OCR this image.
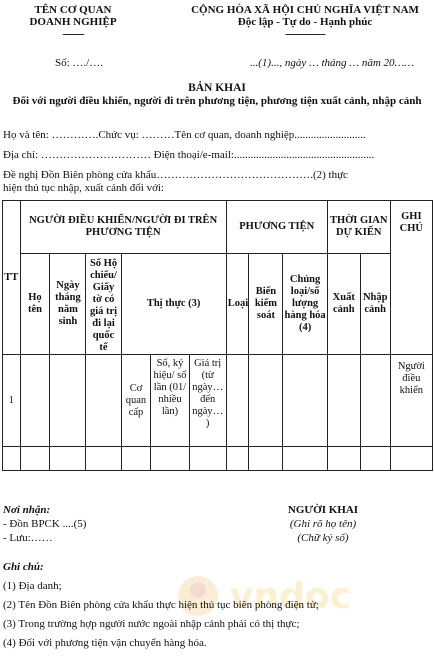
TÊN CƠ QUAN
DOANH NGHIỆP
--------
CỘNG HÒA XÃ HỘI CHỦ NGHĨA VIỆT NAM
Độc lập - Tự do - Hạnh phúc
---------------
Số: …./….	...(1)..., ngày … tháng … năm 20……
BẢN KHAI
Đối với người điều khiển, người đi trên phương tiện, phương tiện xuất cảnh, nhập cảnh
Họ và tên: ………….Chức vụ: ………Tên cơ quan, doanh nghiệp..........................
Địa chỉ: ………………………… Điện thoại/e-mail:...................................................
Đề nghị Đồn Biên phòng cửa khẩu…………………………………….(2) thực
hiện thủ tục nhập, xuất cảnh đối với:
TT	NGƯỜI ĐIỀU KHIỂN/NGƯỜI ĐI TRÊN PHƯƠNG TIỆN						PHƯƠNG TIỆN			THỜI GIAN DỰ KIẾN		GHI CHÚ
	Họ tên	Ngày tháng năm sinh	Số Hộ chiếu/ Giấy tờ có giá trị đi lại quốc tế	Thị thực (3)			Loại	Biển kiểm soát	Chủng loại/số lượng hàng hóa (4)	Xuất cảnh	Nhập cảnh	

1				Cơ quan cấp	Số, ký hiệu/ số lần (01/ nhiều lần)	Giá trị (từ ngày… đến ngày… )						Người điều khiển

Nơi nhận:
- Đồn BPCK ....(5)
- Lưu:……
NGƯỜI KHAI
(Ghi rõ họ tên)
(Chữ ký số)
vndoc
Ghi chú:
(1) Địa danh;
(2) Tên Đồn Biên phòng cửa khẩu thực hiện thủ tục biên phòng điện tử;
(3) Trong trường hợp người nước ngoài nhập cảnh phải có thị thực;
(4) Đối với phương tiện vận chuyển hàng hóa.
